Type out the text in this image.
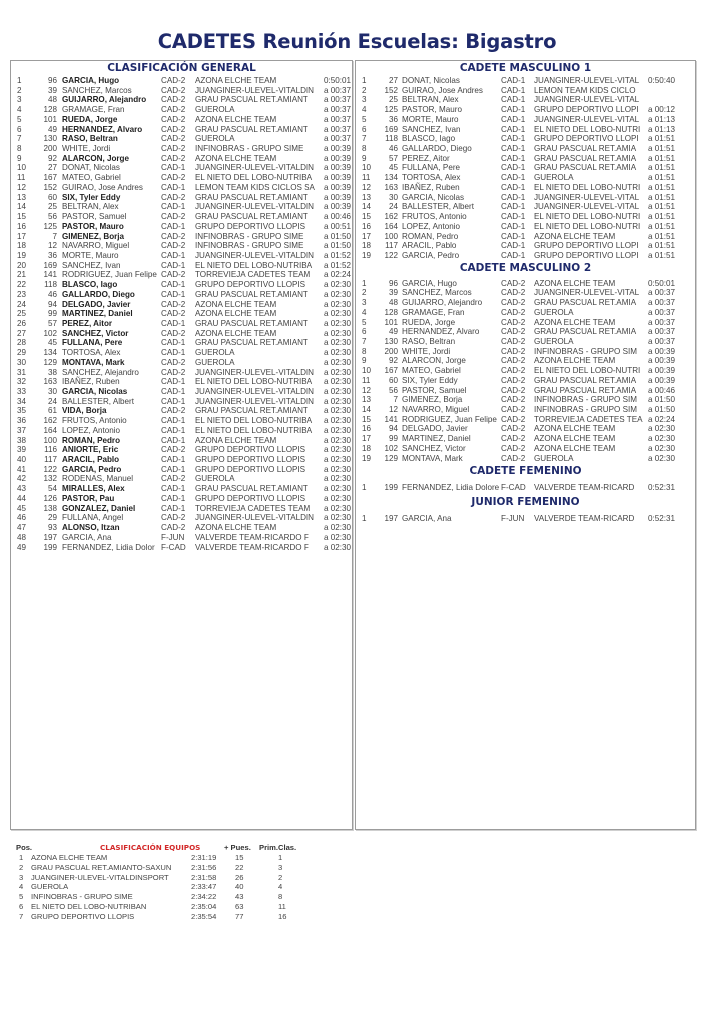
CADETES Reunión Escuelas: Bigastro
CLASIFICACIÓN GENERAL
1	96 GARCIA, Hugo	CAD-2 AZONA ELCHE TEAM	0:50:01
2	39 SANCHEZ, Marcos	CAD-2 JUANGINER-ULEVEL-VITALDIN a 00:37
3	48 GUIJARRO, Alejandro CAD-2 GRAU PASCUAL RET.AMIANT a 00:37
4	128 GRAMAGE, Fran	CAD-2 GUEROLA	a 00:37
5	101 RUEDA, Jorge	CAD-2 AZONA ELCHE TEAM	a 00:37
6	49 HERNANDEZ, Alvaro CAD-2 GRAU PASCUAL RET.AMIANT a 00:37
7	130 RASO, Beltran	CAD-2 GUEROLA	a 00:37
8	200 WHITE, Jordi	CAD-2 INFINOBRAS - GRUPO SIME	a 00:39
9	92 ALARCON, Jorge	CAD-2 AZONA ELCHE TEAM	a 00:39
10	27 DONAT, Nicolas	CAD-1 JUANGINER-ULEVEL-VITALDIN a 00:39
11	167 MATEO, Gabriel	CAD-2 EL NIETO DEL LOBO-NUTRIBA a 00:39
12	152 GUIRAO, Jose Andres CAD-1 LEMON TEAM KIDS CICLOS SA a 00:39
13	60 SIX, Tyler Eddy	CAD-2 GRAU PASCUAL RET.AMIANT a 00:39
14	25 BELTRAN, Alex	CAD-1 JUANGINER-ULEVEL-VITALDIN a 00:39
15	56 PASTOR, Samuel	CAD-2 GRAU PASCUAL RET.AMIANT a 00:46
16	125 PASTOR, Mauro	CAD-1 GRUPO DEPORTIVO LLOPIS a 00:51
17	7 GIMENEZ, Borja	CAD-2 INFINOBRAS - GRUPO SIME	a 01:50
18	12 NAVARRO, Miguel	CAD-2 INFINOBRAS - GRUPO SIME	a 01:50
19	36 MORTE, Mauro	CAD-1 JUANGINER-ULEVEL-VITALDIN a 01:52
20	169 SANCHEZ, Ivan	CAD-1 EL NIETO DEL LOBO-NUTRIBA a 01:52
21	141 RODRIGUEZ, Juan Felipe CAD-2 TORREVIEJA CADETES TEAM a 02:24
22	118 BLASCO, Iago	CAD-1 GRUPO DEPORTIVO LLOPIS a 02:30
23	46 GALLARDO, Diego	CAD-1 GRAU PASCUAL RET.AMIANT a 02:30
24	94 DELGADO, Javier	CAD-2 AZONA ELCHE TEAM	a 02:30
25	99 MARTINEZ, Daniel	CAD-2 AZONA ELCHE TEAM	a 02:30
26	57 PEREZ, Aitor	CAD-1 GRAU PASCUAL RET.AMIANT a 02:30
27	102 SANCHEZ, Victor	CAD-2 AZONA ELCHE TEAM	a 02:30
28	45 FULLANA, Pere	CAD-1 GRAU PASCUAL RET.AMIANT a 02:30
29	134 TORTOSA, Alex	CAD-1 GUEROLA	a 02:30
30	129 MONTAVA, Mark	CAD-2 GUEROLA	a 02:30
31	38 SANCHEZ, Alejandro	CAD-2 JUANGINER-ULEVEL-VITALDIN a 02:30
32	163 IBAÑEZ, Ruben	CAD-1 EL NIETO DEL LOBO-NUTRIBA a 02:30
33	30 GARCIA, Nicolas	CAD-1 JUANGINER-ULEVEL-VITALDIN a 02:30
34	24 BALLESTER, Albert	CAD-1 JUANGINER-ULEVEL-VITALDIN a 02:30
35	61 VIDA, Borja	CAD-2 GRAU PASCUAL RET.AMIANT a 02:30
36	162 FRUTOS, Antonio	CAD-1 EL NIETO DEL LOBO-NUTRIBA a 02:30
37	164 LOPEZ, Antonio	CAD-1 EL NIETO DEL LOBO-NUTRIBA a 02:30
38	100 ROMAN, Pedro	CAD-1 AZONA ELCHE TEAM	a 02:30
39	116 ANIORTE, Eric	CAD-2 GRUPO DEPORTIVO LLOPIS a 02:30
40	117 ARACIL, Pablo	CAD-1 GRUPO DEPORTIVO LLOPIS a 02:30
41	122 GARCIA, Pedro	CAD-1 GRUPO DEPORTIVO LLOPIS a 02:30
42	132 RODENAS, Manuel	CAD-2 GUEROLA	a 02:30
43	54 MIRALLES, Alex	CAD-1 GRAU PASCUAL RET.AMIANT a 02:30
44	126 PASTOR, Pau	CAD-1 GRUPO DEPORTIVO LLOPIS a 02:30
45	138 GONZALEZ, Daniel	CAD-1 TORREVIEJA CADETES TEAM a 02:30
46	29 FULLANA, Angel	CAD-2 JUANGINER-ULEVEL-VITALDIN a 02:30
47	93 ALONSO, Itzan	CAD-2 AZONA ELCHE TEAM	a 02:30
48	197 GARCIA, Ana	F-JUN VALVERDE TEAM-RICARDO F a 02:30
49	199 FERNANDEZ, Lidia Dolor F-CAD VALVERDE TEAM-RICARDO F a 02:30
CADETE MASCULINO 1
1	27 DONAT, Nicolas	CAD-1 JUANGINER-ULEVEL-VITAL 0:50:40
2	152 GUIRAO, Jose Andres CAD-1 LEMON TEAM KIDS CICLO
3	25 BELTRAN, Alex	CAD-1 JUANGINER-ULEVEL-VITAL
4	125 PASTOR, Mauro	CAD-1 GRUPO DEPORTIVO LLOPI a 00:12
5	36 MORTE, Mauro	CAD-1 JUANGINER-ULEVEL-VITAL a 01:13
6	169 SANCHEZ, Ivan	CAD-1 EL NIETO DEL LOBO-NUTRI a 01:13
7	118 BLASCO, Iago	CAD-1 GRUPO DEPORTIVO LLOPI a 01:51
8	46 GALLARDO, Diego	CAD-1 GRAU PASCUAL RET.AMIA a 01:51
9	57 PEREZ, Aitor	CAD-1 GRAU PASCUAL RET.AMIA a 01:51
10	45 FULLANA, Pere	CAD-1 GRAU PASCUAL RET.AMIA a 01:51
11	134 TORTOSA, Alex	CAD-1 GUEROLA	a 01:51
12	163 IBAÑEZ, Ruben	CAD-1 EL NIETO DEL LOBO-NUTRI a 01:51
13	30 GARCIA, Nicolas	CAD-1 JUANGINER-ULEVEL-VITAL a 01:51
14	24 BALLESTER, Albert	CAD-1 JUANGINER-ULEVEL-VITAL a 01:51
15	162 FRUTOS, Antonio	CAD-1 EL NIETO DEL LOBO-NUTRI a 01:51
16	164 LOPEZ, Antonio	CAD-1 EL NIETO DEL LOBO-NUTRI a 01:51
17	100 ROMAN, Pedro	CAD-1 AZONA ELCHE TEAM	a 01:51
18	117 ARACIL, Pablo	CAD-1 GRUPO DEPORTIVO LLOPI a 01:51
19	122 GARCIA, Pedro	CAD-1 GRUPO DEPORTIVO LLOPI a 01:51
CADETE MASCULINO 2
1	96 GARCIA, Hugo	CAD-2 AZONA ELCHE TEAM	0:50:01
2	39 SANCHEZ, Marcos	CAD-2 JUANGINER-ULEVEL-VITAL a 00:37
3	48 GUIJARRO, Alejandro CAD-2 GRAU PASCUAL RET.AMIA a 00:37
4	128 GRAMAGE, Fran	CAD-2 GUEROLA	a 00:37
5	101 RUEDA, Jorge	CAD-2 AZONA ELCHE TEAM	a 00:37
6	49 HERNANDEZ, Alvaro	CAD-2 GRAU PASCUAL RET.AMIA a 00:37
7	130 RASO, Beltran	CAD-2 GUEROLA	a 00:37
8	200 WHITE, Jordi	CAD-2 INFINOBRAS - GRUPO SIM a 00:39
9	92 ALARCON, Jorge	CAD-2 AZONA ELCHE TEAM	a 00:39
10	167 MATEO, Gabriel	CAD-2 EL NIETO DEL LOBO-NUTRI a 00:39
11	60 SIX, Tyler Eddy	CAD-2 GRAU PASCUAL RET.AMIA a 00:39
12	56 PASTOR, Samuel	CAD-2 GRAU PASCUAL RET.AMIA a 00:46
13	7 GIMENEZ, Borja	CAD-2 INFINOBRAS - GRUPO SIM a 01:50
14	12 NAVARRO, Miguel	CAD-2 INFINOBRAS - GRUPO SIM a 01:50
15	141 RODRIGUEZ, Juan Felipe CAD-2 TORREVIEJA CADETES TEA a 02:24
16	94 DELGADO, Javier	CAD-2 AZONA ELCHE TEAM	a 02:30
17	99 MARTINEZ, Daniel	CAD-2 AZONA ELCHE TEAM	a 02:30
18	102 SANCHEZ, Victor	CAD-2 AZONA ELCHE TEAM	a 02:30
19	129 MONTAVA, Mark	CAD-2 GUEROLA	a 02:30
CADETE FEMENINO
1	199 FERNANDEZ, Lidia Dolore F-CAD VALVERDE TEAM-RICARD 0:52:31
JUNIOR FEMENINO
1	197 GARCIA, Ana	F-JUN VALVERDE TEAM-RICARD 0:52:31
Pos.	CLASIFICACIÓN EQUIPOS	+ Pues. Prim.Clas.
1 AZONA ELCHE TEAM	2:31:19 15	1
2 GRAU PASCUAL RET.AMIANTO-SAXUN	2:31:56 22	3
3 JUANGINER-ULEVEL-VITALDINSPORT	2:31:58 26	2
4 GUEROLA	2:33:47 40	4
5 INFINOBRAS - GRUPO SIME	2:34:22 43	8
6 EL NIETO DEL LOBO-NUTRIBAN	2:35:04 63	11
7 GRUPO DEPORTIVO LLOPIS	2:35:54 77	16
